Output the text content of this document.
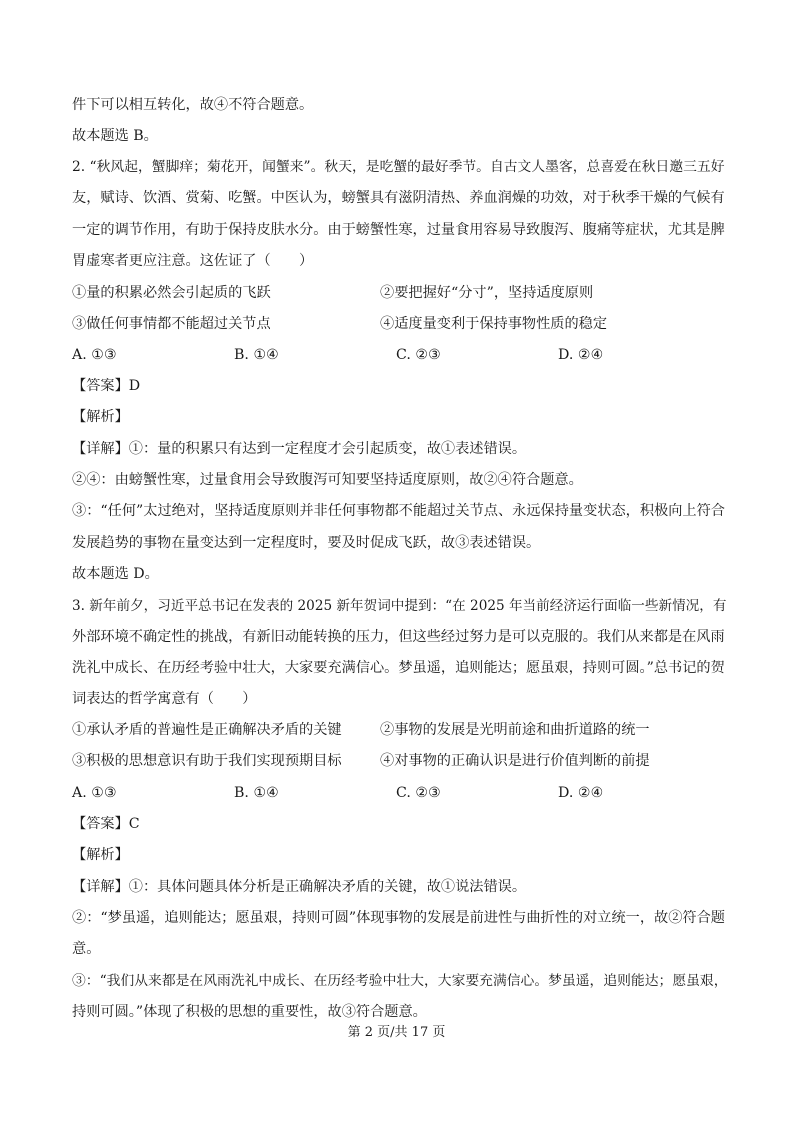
件下可以相互转化，故④不符合题意。
故本题选 B。
2. “秋风起，蟹脚痒；菊花开，闻蟹来”。秋天，是吃蟹的最好季节。自古文人墨客，总喜爱在秋日邀三五好
友，赋诗、饮酒、赏菊、吃蟹。中医认为，螃蟹具有滋阴清热、养血润燥的功效，对于秋季干燥的气候有
一定的调节作用，有助于保持皮肤水分。由于螃蟹性寒，过量食用容易导致腹泻、腹痛等症状，尤其是脾
胃虚寒者更应注意。这佐证了（　　）
①量的积累必然会引起质的飞跃	②要把握好“分寸”，坚持适度原则
③做任何事情都不能超过关节点	④适度量变利于保持事物性质的稳定
A. ①③	B. ①④	C. ②③	D. ②④
【答案】D
【解析】
【详解】①：量的积累只有达到一定程度才会引起质变，故①表述错误。
②④：由螃蟹性寒，过量食用会导致腹泻可知要坚持适度原则，故②④符合题意。
③：“任何”太过绝对，坚持适度原则并非任何事物都不能超过关节点、永远保持量变状态，积极向上符合
发展趋势的事物在量变达到一定程度时，要及时促成飞跃，故③表述错误。
故本题选 D。
3. 新年前夕，习近平总书记在发表的 2025 新年贺词中提到：“在 2025 年当前经济运行面临一些新情况，有
外部环境不确定性的挑战，有新旧动能转换的压力，但这些经过努力是可以克服的。我们从来都是在风雨
洗礼中成长、在历经考验中壮大，大家要充满信心。梦虽遥，追则能达；愿虽艰，持则可圆。”总书记的贺
词表达的哲学寓意有（　　）
①承认矛盾的普遍性是正确解决矛盾的关键	②事物的发展是光明前途和曲折道路的统一
③积极的思想意识有助于我们实现预期目标	④对事物的正确认识是进行价值判断的前提
A. ①③	B. ①④	C. ②③	D. ②④
【答案】C
【解析】
【详解】①：具体问题具体分析是正确解决矛盾的关键，故①说法错误。
②：“梦虽遥，追则能达；愿虽艰，持则可圆”体现事物的发展是前进性与曲折性的对立统一，故②符合题
意。
③：“我们从来都是在风雨洗礼中成长、在历经考验中壮大，大家要充满信心。梦虽遥，追则能达；愿虽艰，
持则可圆。”体现了积极的思想的重要性，故③符合题意。
第 2 页/共 17 页
